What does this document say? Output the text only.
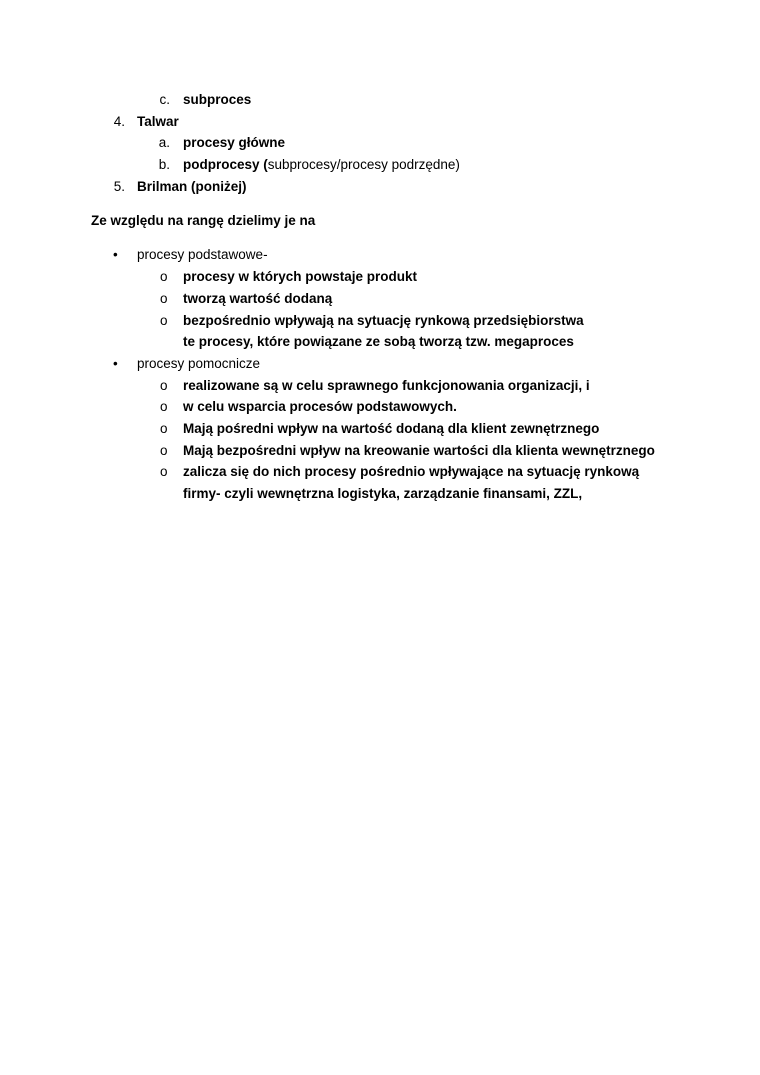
c. subproces
4. Talwar
a. procesy główne
b. podprocesy (subprocesy/procesy podrzędne)
5. Brilman (poniżej)
Ze względu na rangę dzielimy je na
• procesy podstawowe-
o procesy w których powstaje produkt
o tworzą wartość dodaną
o bezpośrednio wpływają na sytuację rynkową przedsiębiorstwa
te procesy, które powiązane ze sobą tworzą tzw. megaproces
• procesy pomocnicze
o realizowane są w celu sprawnego funkcjonowania organizacji, i
o w celu wsparcia procesów podstawowych.
o Mają pośredni wpływ na wartość dodaną dla klient zewnętrznego
o Mają bezpośredni wpływ na kreowanie wartości dla klienta wewnętrznego
o zalicza się do nich procesy pośrednio wpływające na sytuację rynkową
firmy- czyli wewnętrzna logistyka, zarządzanie finansami, ZZL,
